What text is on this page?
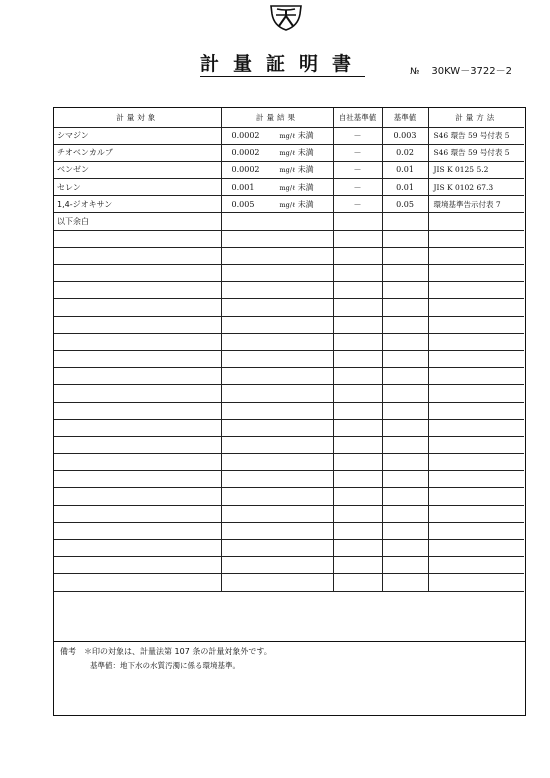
計量証明書	№ 30KW－3722－2
計量対象	計量結果	自社基準値	基準値	計量方法
シマジン	0.0002 mg/ℓ 未満	－	0.003	S46 環告 59 号付表 5
チオベンカルブ	0.0002 mg/ℓ 未満	－	0.02	S46 環告 59 号付表 5
ベンゼン	0.0002 mg/ℓ 未満	－	0.01	JIS K 0125 5.2
セレン	0.001 mg/ℓ 未満	－	0.01	JIS K 0102 67.3
1,4-ジオキサン	0.005 mg/ℓ 未満	－	0.05	環境基準告示付表 7
以下余白				

備考 ＊印の対象は、計量法第 107 条の計量対象外です。
基準値：地下水の水質汚濁に係る環境基準。
